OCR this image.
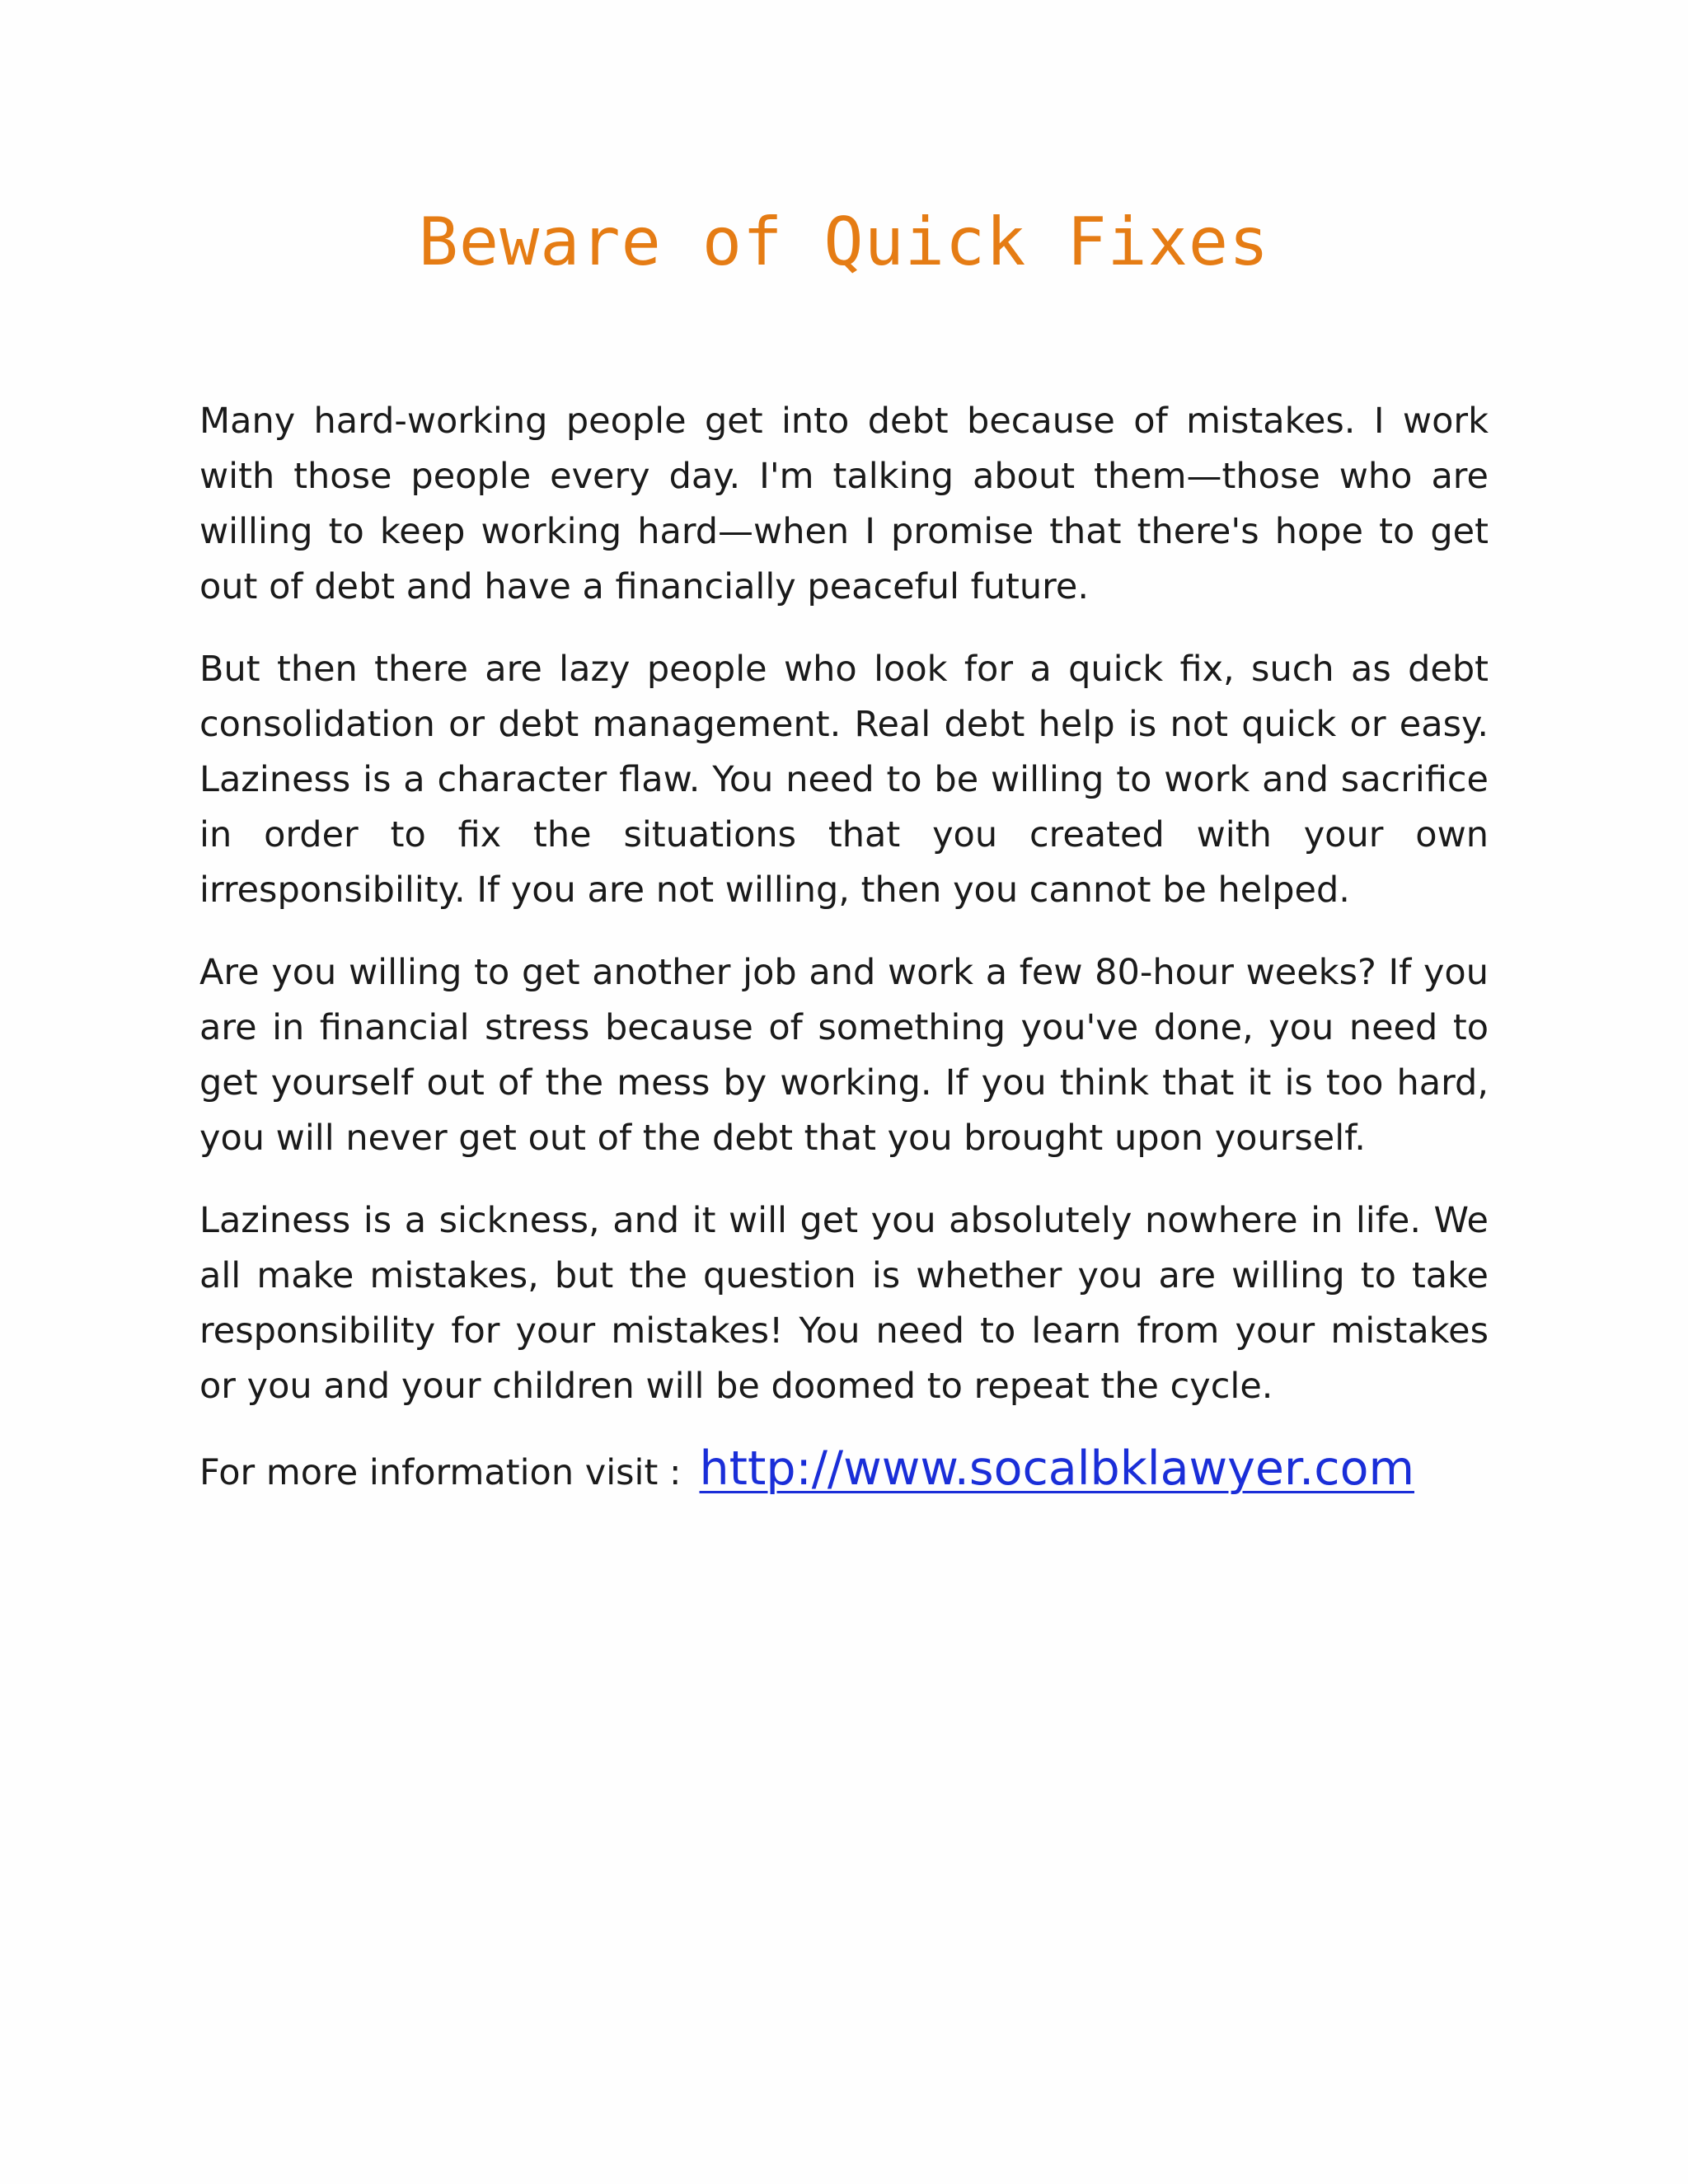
Beware of Quick Fixes

Many hard-working people get into debt because of mistakes. I work with those people every day. I'm talking about them—those who are willing to keep working hard—when I promise that there's hope to get out of debt and have a financially peaceful future.

But then there are lazy people who look for a quick fix, such as debt consolidation or debt management. Real debt help is not quick or easy. Laziness is a character flaw. You need to be willing to work and sacrifice in order to fix the situations that you created with your own irresponsibility. If you are not willing, then you cannot be helped.

Are you willing to get another job and work a few 80-hour weeks? If you are in financial stress because of something you've done, you need to get yourself out of the mess by working. If you think that it is too hard, you will never get out of the debt that you brought upon yourself.

Laziness is a sickness, and it will get you absolutely nowhere in life. We all make mistakes, but the question is whether you are willing to take responsibility for your mistakes! You need to learn from your mistakes or you and your children will be doomed to repeat the cycle.

For more information visit : http://www.socalbklawyer.com
